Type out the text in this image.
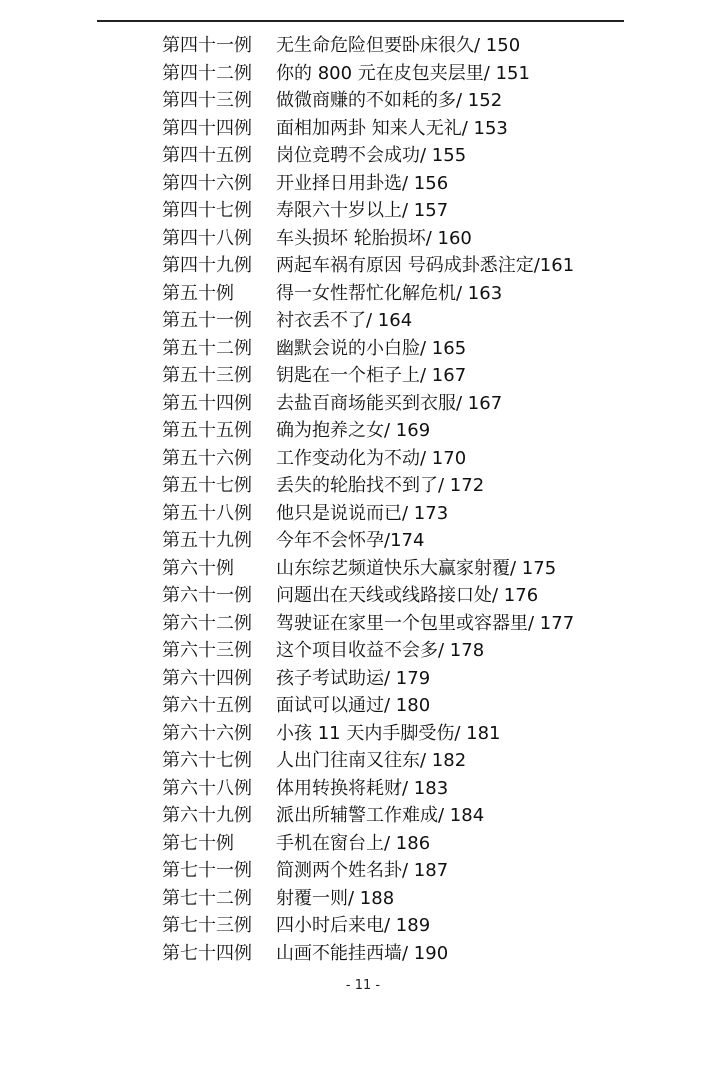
第四十一例	无生命危险但要卧床很久/ 150
第四十二例	你的 800 元在皮包夹层里/ 151
第四十三例	做微商赚的不如耗的多/ 152
第四十四例	面相加两卦 知来人无礼/ 153
第四十五例	岗位竞聘不会成功/ 155
第四十六例	开业择日用卦选/ 156
第四十七例	寿限六十岁以上/ 157
第四十八例	车头损坏 轮胎损坏/ 160
第四十九例	两起车祸有原因 号码成卦悉注定/161
第五十例	得一女性帮忙化解危机/ 163
第五十一例	衬衣丢不了/ 164
第五十二例	幽默会说的小白脸/ 165
第五十三例	钥匙在一个柜子上/ 167
第五十四例	去盐百商场能买到衣服/ 167
第五十五例	确为抱养之女/ 169
第五十六例	工作变动化为不动/ 170
第五十七例	丢失的轮胎找不到了/ 172
第五十八例	他只是说说而已/ 173
第五十九例	今年不会怀孕/174
第六十例	山东综艺频道快乐大赢家射覆/ 175
第六十一例	问题出在天线或线路接口处/ 176
第六十二例	驾驶证在家里一个包里或容器里/ 177
第六十三例	这个项目收益不会多/ 178
第六十四例	孩子考试助运/ 179
第六十五例	面试可以通过/ 180
第六十六例	小孩 11 天内手脚受伤/ 181
第六十七例	人出门往南又往东/ 182
第六十八例	体用转换将耗财/ 183
第六十九例	派出所辅警工作难成/ 184
第七十例	手机在窗台上/ 186
第七十一例	简测两个姓名卦/ 187
第七十二例	射覆一则/ 188
第七十三例	四小时后来电/ 189
第七十四例	山画不能挂西墙/ 190
- 11 -
